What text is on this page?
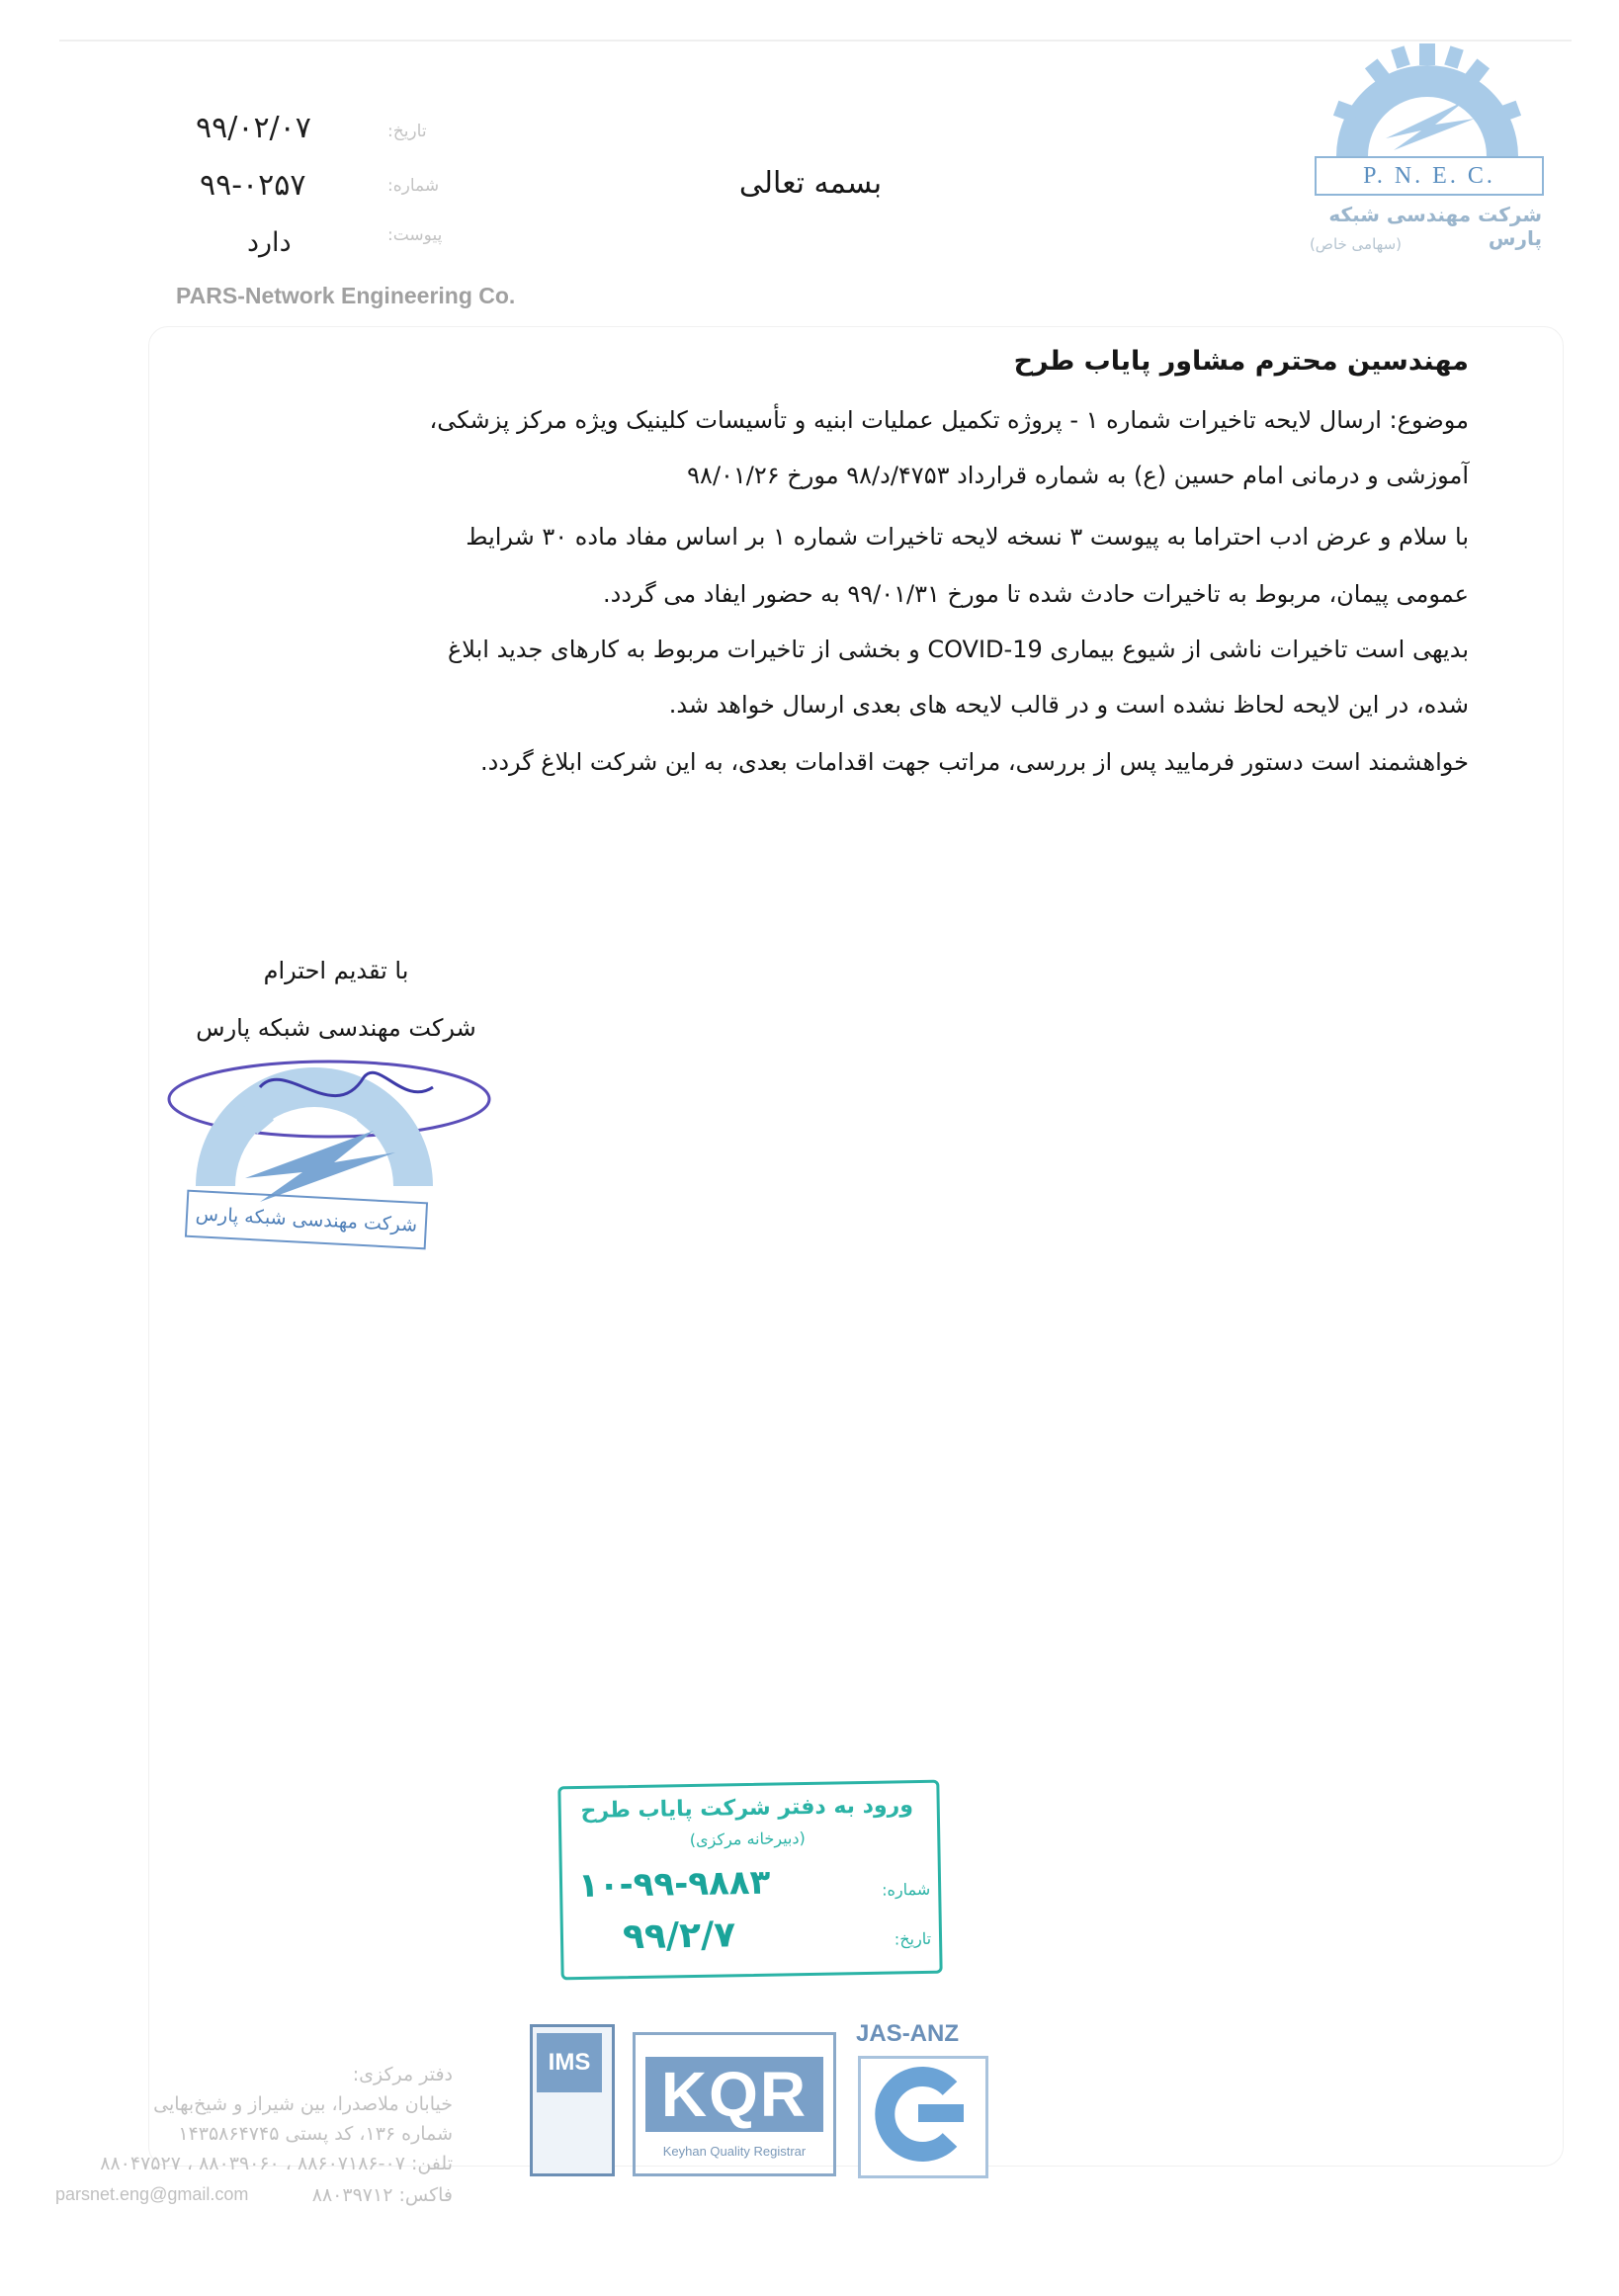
P. N. E. C.
شرکت مهندسی شبکه پارس
(سهامی خاص)
تاریخ:
۹۹/۰۲/۰۷
شماره:
۹۹-۰۲۵۷
پیوست:
دارد
بسمه تعالی
PARS-Network Engineering Co.
مهندسین محترم مشاور پایاب طرح
موضوع: ارسال لایحه تاخیرات شماره ۱ - پروژه تکمیل عملیات ابنیه و تأسیسات کلینیک ویژه مرکز پزشکی،
آموزشی و درمانی امام حسین (ع) به شماره قرارداد ۴۷۵۳/د/۹۸ مورخ ۹۸/۰۱/۲۶
با سلام و عرض ادب احتراما به پیوست ۳ نسخه لایحه تاخیرات شماره ۱ بر اساس مفاد ماده ۳۰ شرایط
عمومی پیمان، مربوط به تاخیرات حادث شده تا مورخ ۹۹/۰۱/۳۱ به حضور ایفاد می گردد.
بدیهی است تاخیرات ناشی از شیوع بیماری COVID-19 و بخشی از تاخیرات مربوط به کارهای جدید ابلاغ
شده، در این لایحه لحاظ نشده است و در قالب لایحه های بعدی ارسال خواهد شد.
خواهشمند است دستور فرمایید پس از بررسی، مراتب جهت اقدامات بعدی، به این شرکت ابلاغ گردد.
با تقدیم احترام
شرکت مهندسی شبکه پارس
شرکت مهندسی شبکه پارس
ورود به دفتر شرکت پایاب طرح
(دبیرخانه مرکزی)
شماره:
۱۰-۹۹-۹۸۸۳
تاریخ:
۹۹/۲/۷
دفتر مرکزی:
خیابان ملاصدرا، بین شیراز و شیخ‌بهایی
شماره ۱۳۶، کد پستی ۱۴۳۵۸۶۴۷۴۵
تلفن: ۰۷-۸۸۶۰۷۱۸۶ ، ۸۸۰۳۹۰۶۰ ، ۸۸۰۴۷۵۲۷
parsnet.eng@gmail.com	فاکس: ۸۸۰۳۹۷۱۲
IMS KQR
Keyhan Quality Registrar
JAS-ANZ
